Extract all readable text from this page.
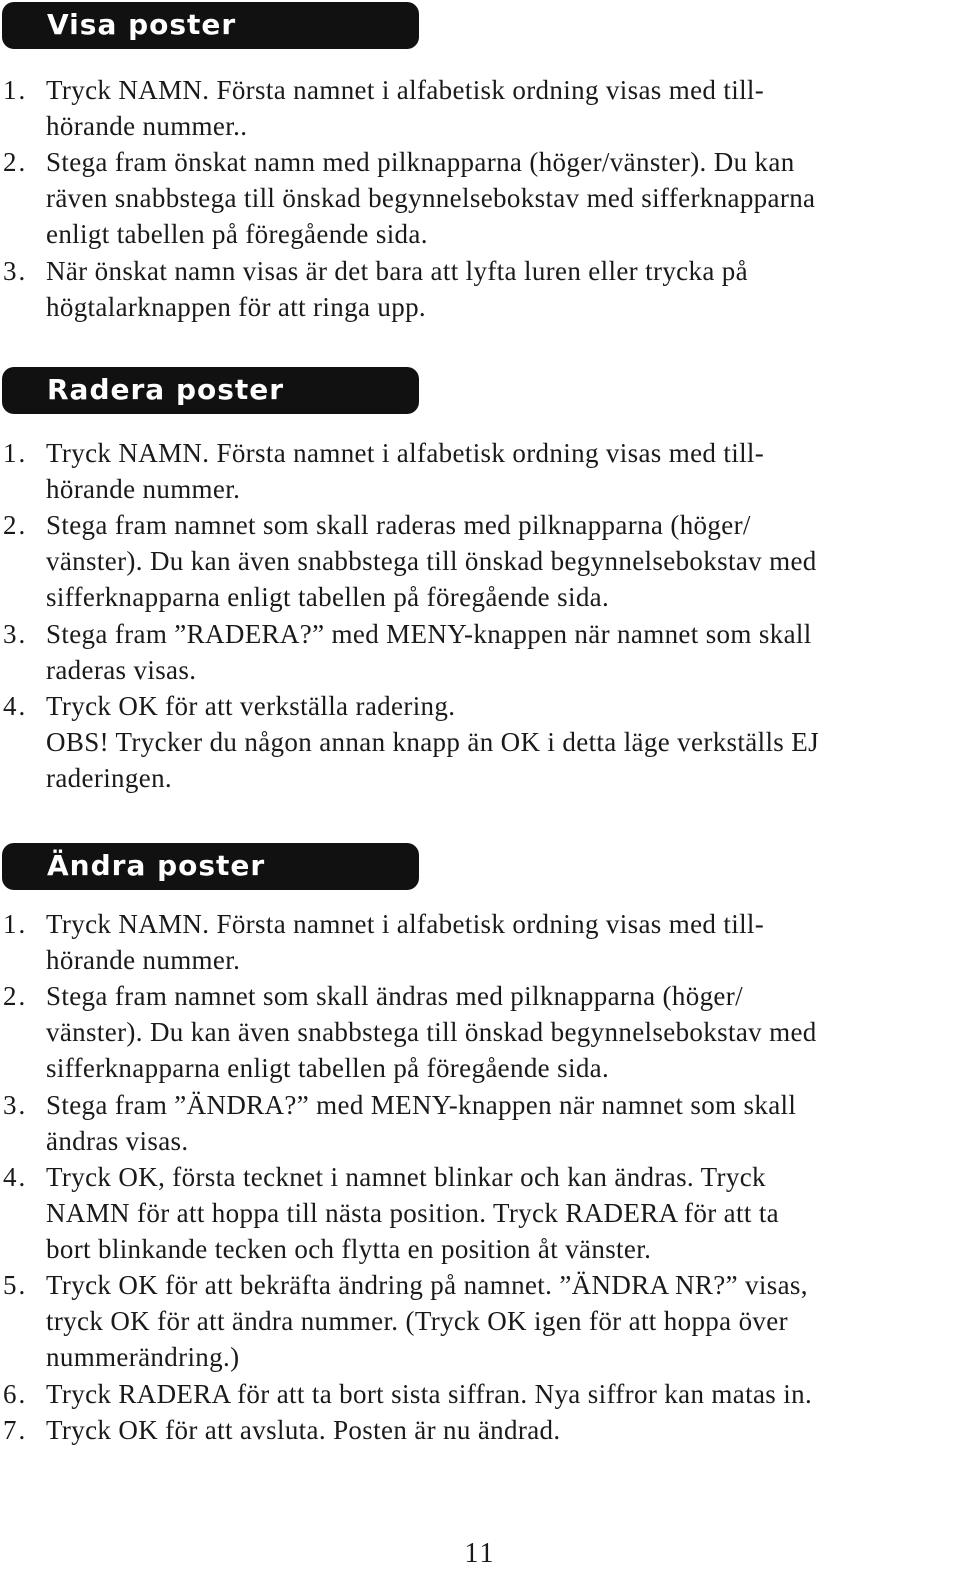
Visa poster
1. Tryck NAMN. Första namnet i alfabetisk ordning visas med till-
hörande nummer..
2. Stega fram önskat namn med pilknapparna (höger/vänster). Du kan
räven snabbstega till önskad begynnelsebokstav med sifferknapparna
enligt tabellen på föregående sida.
3. När önskat namn visas är det bara att lyfta luren eller trycka på
högtalarknappen för att ringa upp.
Radera poster
1. Tryck NAMN. Första namnet i alfabetisk ordning visas med till-
hörande nummer.
2. Stega fram namnet som skall raderas med pilknapparna (höger/
vänster). Du kan även snabbstega till önskad begynnelsebokstav med
sifferknapparna enligt tabellen på föregående sida.
3. Stega fram ”RADERA?” med MENY-knappen när namnet som skall
raderas visas.
4. Tryck OK för att verkställa radering.
OBS! Trycker du någon annan knapp än OK i detta läge verkställs EJ
raderingen.
Ändra poster
1. Tryck NAMN. Första namnet i alfabetisk ordning visas med till-
hörande nummer.
2. Stega fram namnet som skall ändras med pilknapparna (höger/
vänster). Du kan även snabbstega till önskad begynnelsebokstav med
sifferknapparna enligt tabellen på föregående sida.
3. Stega fram ”ÄNDRA?” med MENY-knappen när namnet som skall
ändras visas.
4. Tryck OK, första tecknet i namnet blinkar och kan ändras. Tryck
NAMN för att hoppa till nästa position. Tryck RADERA för att ta
bort blinkande tecken och flytta en position åt vänster.
5. Tryck OK för att bekräfta ändring på namnet. ”ÄNDRA NR?” visas,
tryck OK för att ändra nummer. (Tryck OK igen för att hoppa över
nummerändring.)
6. Tryck RADERA för att ta bort sista siffran. Nya siffror kan matas in.
7. Tryck OK för att avsluta. Posten är nu ändrad.
11
